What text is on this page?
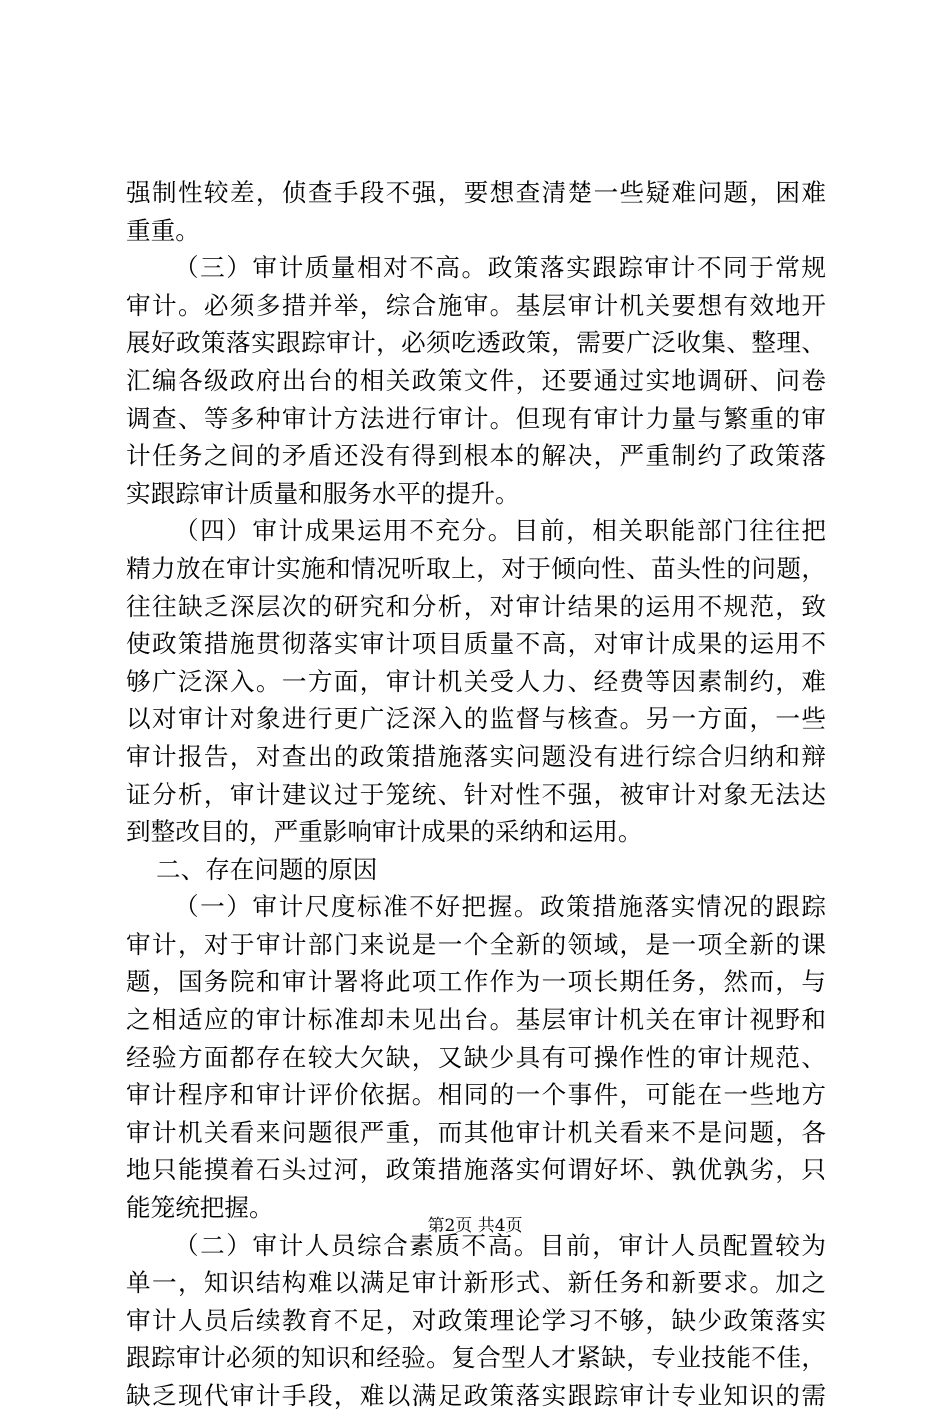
强制性较差，侦查手段不强，要想查清楚一些疑难问题，困难
重重。
（三）审计质量相对不高。政策落实跟踪审计不同于常规
审计。必须多措并举，综合施审。基层审计机关要想有效地开
展好政策落实跟踪审计，必须吃透政策，需要广泛收集、整理、
汇编各级政府出台的相关政策文件，还要通过实地调研、问卷
调查、等多种审计方法进行审计。但现有审计力量与繁重的审
计任务之间的矛盾还没有得到根本的解决，严重制约了政策落
实跟踪审计质量和服务水平的提升。
（四）审计成果运用不充分。目前，相关职能部门往往把
精力放在审计实施和情况听取上，对于倾向性、苗头性的问题，
往往缺乏深层次的研究和分析，对审计结果的运用不规范，致
使政策措施贯彻落实审计项目质量不高，对审计成果的运用不
够广泛深入。一方面，审计机关受人力、经费等因素制约，难
以对审计对象进行更广泛深入的监督与核查。另一方面，一些
审计报告，对查出的政策措施落实问题没有进行综合归纳和辩
证分析，审计建议过于笼统、针对性不强，被审计对象无法达
到整改目的，严重影响审计成果的采纳和运用。
二、存在问题的原因
（一）审计尺度标准不好把握。政策措施落实情况的跟踪
审计，对于审计部门来说是一个全新的领域，是一项全新的课
题，国务院和审计署将此项工作作为一项长期任务，然而，与
之相适应的审计标准却未见出台。基层审计机关在审计视野和
经验方面都存在较大欠缺，又缺少具有可操作性的审计规范、
审计程序和审计评价依据。相同的一个事件，可能在一些地方
审计机关看来问题很严重，而其他审计机关看来不是问题，各
地只能摸着石头过河，政策措施落实何谓好坏、孰优孰劣，只
能笼统把握。
（二）审计人员综合素质不高。目前，审计人员配置较为
单一，知识结构难以满足审计新形式、新任务和新要求。加之
审计人员后续教育不足，对政策理论学习不够，缺少政策落实
跟踪审计必须的知识和经验。复合型人才紧缺，专业技能不佳，
缺乏现代审计手段，难以满足政策落实跟踪审计专业知识的需
第2页 共4页
